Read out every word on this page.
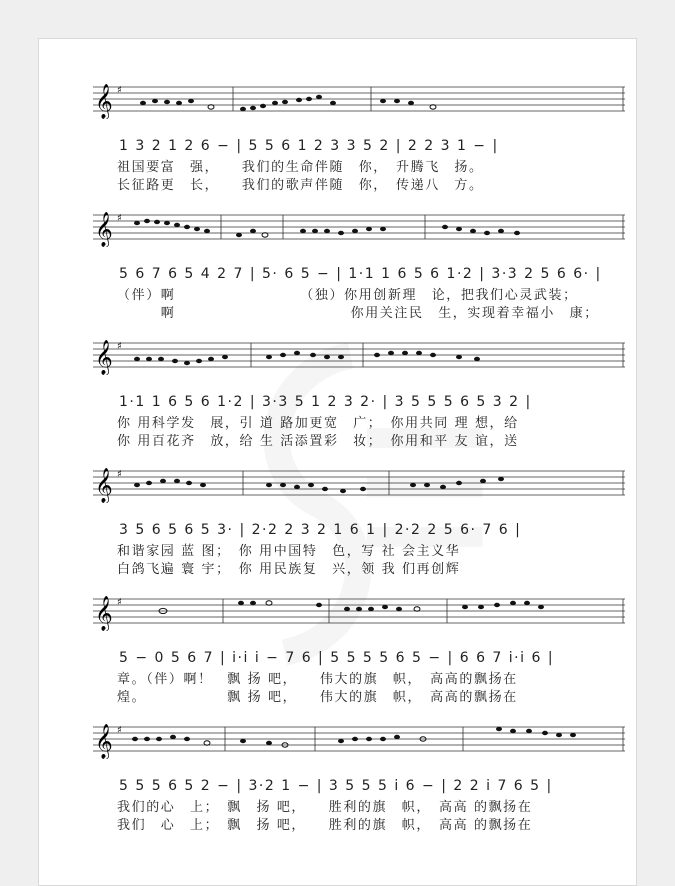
𝄞 ♯
1 3 2 1 2 6 − | 5 5 6 1 2 3 3 5 2 | 2 2 3 1 − |
祖国要富　强，　　我们的生命伴随　你，　升腾飞　扬。
长征路更　长，　　我们的歌声伴随　你，　传递八　方。
𝄞 ♯
5 6 7 6 5 4 2 7 | 5· 6 5 − | 1·1 1 6 5 6 1·2 | 3·3 2 5 6 6· |
（伴）啊　　　　　　　　　（独）你用创新理　论，把我们心灵武装；
　　　啊　　　　　　　　　　　　你用关注民　生，实现着幸福小　康；
𝄞 ♯
1·1 1 6 5 6 1·2 | 3·3 5 1 2 3 2· | 3 5 5 5 6 5 3 2 |
你 用科学发　展，引 道 路加更宽　广；　你用共同 理 想，给
你 用百花齐　放，给 生 活添置彩　妆；　你用和平 友 谊，送
𝄞 ♯
3 5 6 5 6 5 3· | 2·2 2 3 2 1 6 1 | 2·2 2 5 6· 7 6 |
和谐家园 蓝 图；　你 用中国特　色，写 社 会主义华
白鸽飞遍 寰 宇；　你 用民族复　兴，领 我 们再创辉
𝄞 ♯
5 − 0 5 6 7 | i·i i − 7 6 | 5 5 5 5 6 5 − | 6 6 7 i·i 6 |
章。（伴）啊！　飘 扬 吧，　　伟大的旗　帜，　高高的飘扬在
煌。　　　　　　飘 扬 吧，　　伟大的旗　帜，　高高的飘扬在
𝄞 ♯
5 5 5 6 5 2 − | 3·2 1 − | 3 5 5 5 i 6 − | 2 2 i 7 6 5 |
我们的心　上；　飘　扬 吧，　　胜利的旗　帜，　高高 的飘扬在
我们　心　上；　飘　扬 吧，　　胜利的旗　帜，　高高 的飘扬在
